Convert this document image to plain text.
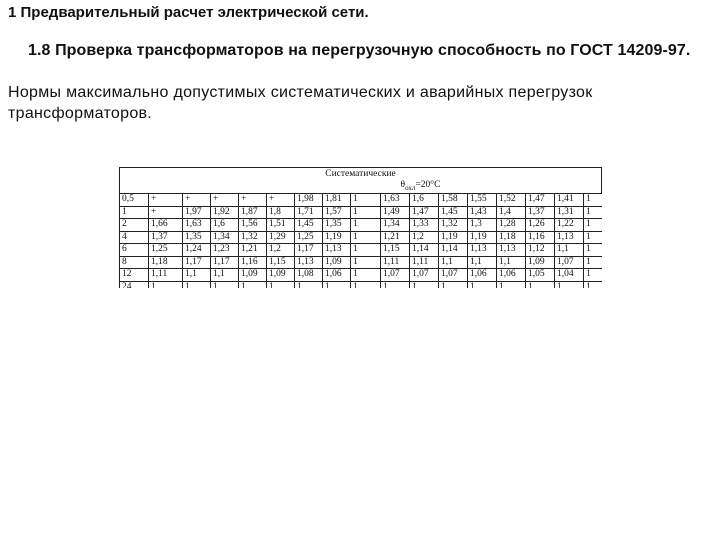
1 Предварительный расчет электрической сети.
1.8 Проверка трансформаторов на перегрузочную способность по ГОСТ 14209-97.
Нормы максимально допустимых систематических и аварийных перегрузок трансформаторов.
Систематические
$\theta_{охл}=20^\circ С$
0,5	+	+	+	+	+	1,98	1,81	1	1,63	1,6	1,58	1,55	1,52	1,47	1,41	1
1	+	1,97	1,92	1,87	1,8	1,71	1,57	1	1,49	1,47	1,45	1,43	1,4	1,37	1,31	1
2	1,66	1,63	1,6	1,56	1,51	1,45	1,35	1	1,34	1,33	1,32	1,3	1,28	1,26	1,22	1
4	1,37	1,35	1,34	1,32	1,29	1,25	1,19	1	1,21	1,2	1,19	1,19	1,18	1,16	1,13	1
6	1,25	1,24	1,23	1,21	1,2	1,17	1,13	1	1,15	1,14	1,14	1,13	1,13	1,12	1,1	1
8	1,18	1,17	1,17	1,16	1,15	1,13	1,09	1	1,11	1,11	1,1	1,1	1,1	1,09	1,07	1
12	1,11	1,1	1,1	1,09	1,09	1,08	1,06	1	1,07	1,07	1,07	1,06	1,06	1,05	1,04	1
24	1	1	1	1	1	1	1	1	1	1	1	1	1	1	1	1
